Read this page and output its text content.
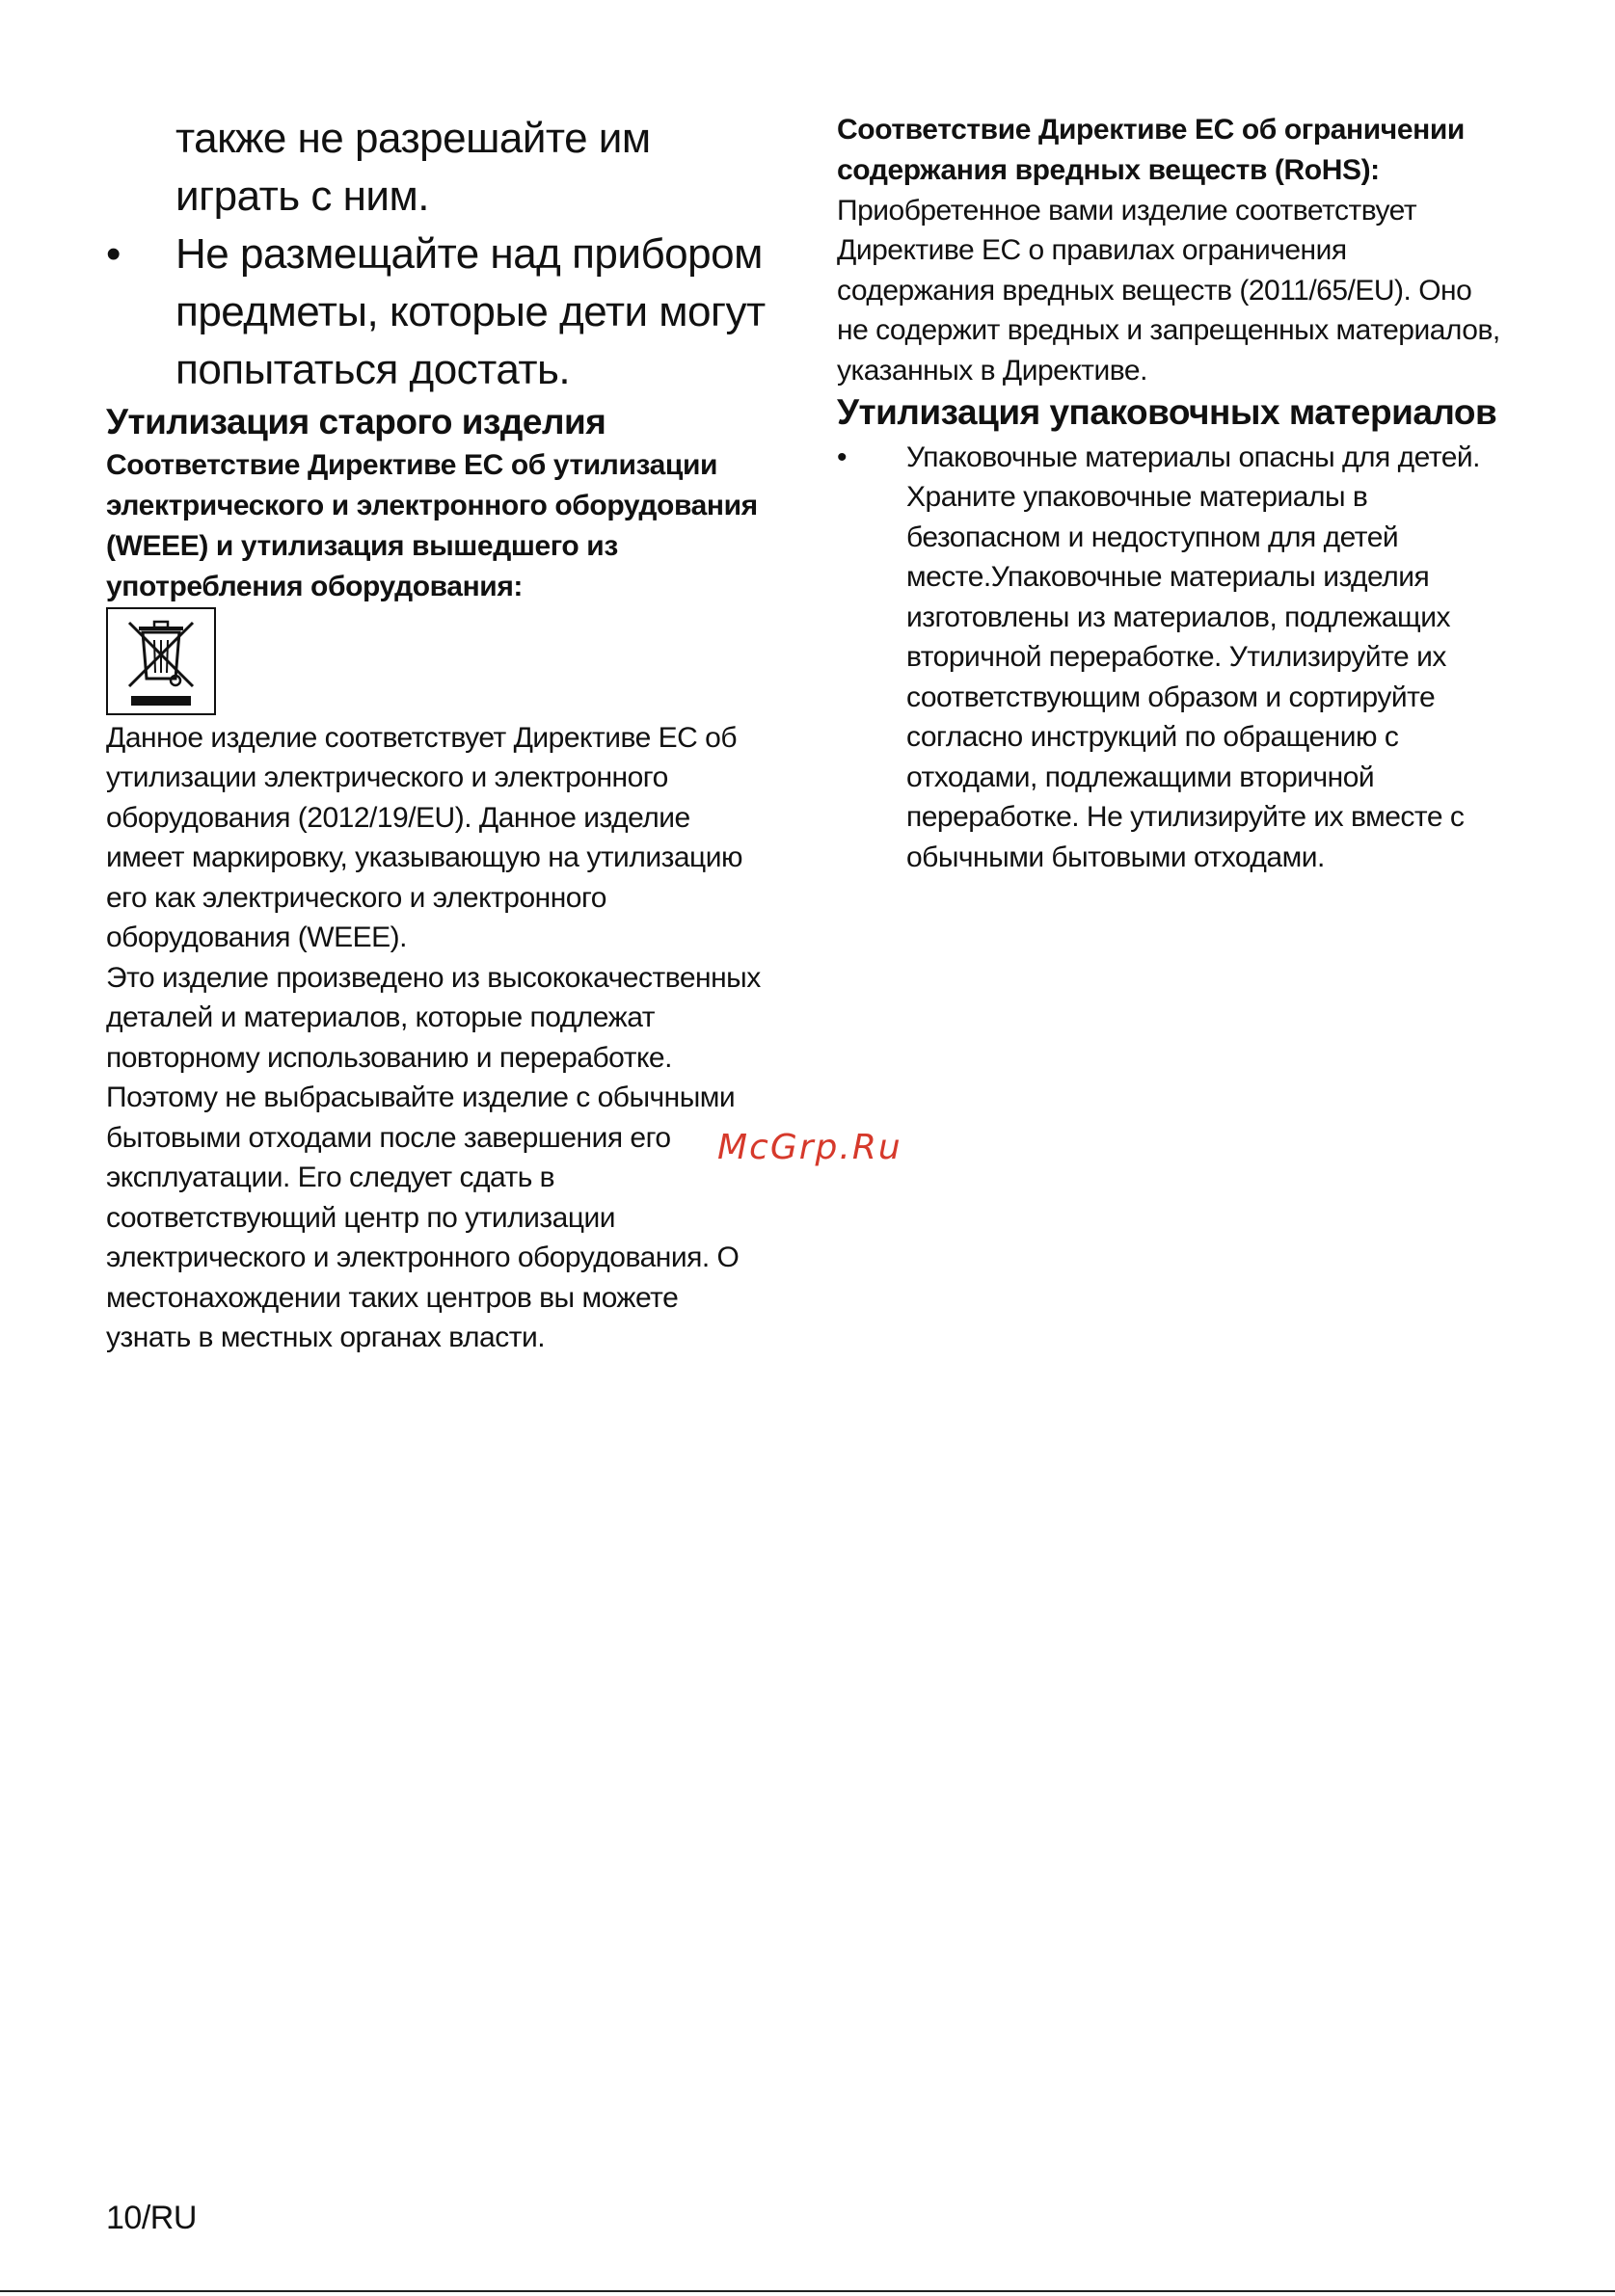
также не разрешайте им
играть с ним.
• Не размещайте над прибором
предметы, которые дети могут
попытаться достать.
Утилизация старого изделия
Соответствие Директиве ЕС об утилизации
электрического и электронного оборудования
(WEEE) и утилизация вышедшего из
употребления оборудования:
Данное изделие соответствует Директиве ЕС об
утилизации электрического и электронного
оборудования (2012/19/EU). Данное изделие
имеет маркировку, указывающую на утилизацию
его как электрического и электронного
оборудования (WEEE).
Это изделие произведено из высококачественных
деталей и материалов, которые подлежат
повторному использованию и переработке.
Поэтому не выбрасывайте изделие с обычными
бытовыми отходами после завершения его
эксплуатации. Его следует сдать в
соответствующий центр по утилизации
электрического и электронного оборудования. О
местонахождении таких центров вы можете
узнать в местных органах власти.
Соответствие Директиве ЕС об ограничении
содержания вредных веществ (RoHS):
Приобретенное вами изделие соответствует
Директиве ЕС о правилах ограничения
содержания вредных веществ (2011/65/EU). Оно
не содержит вредных и запрещенных материалов,
указанных в Директиве.
Утилизация упаковочных материалов
• Упаковочные материалы опасны для детей.
Храните упаковочные материалы в
безопасном и недоступном для детей
месте.Упаковочные материалы изделия
изготовлены из материалов, подлежащих
вторичной переработке. Утилизируйте их
соответствующим образом и сортируйте
согласно инструкций по обращению с
отходами, подлежащими вторичной
переработке. Не утилизируйте их вместе с
обычными бытовыми отходами.
McGrp.Ru
10/RU
